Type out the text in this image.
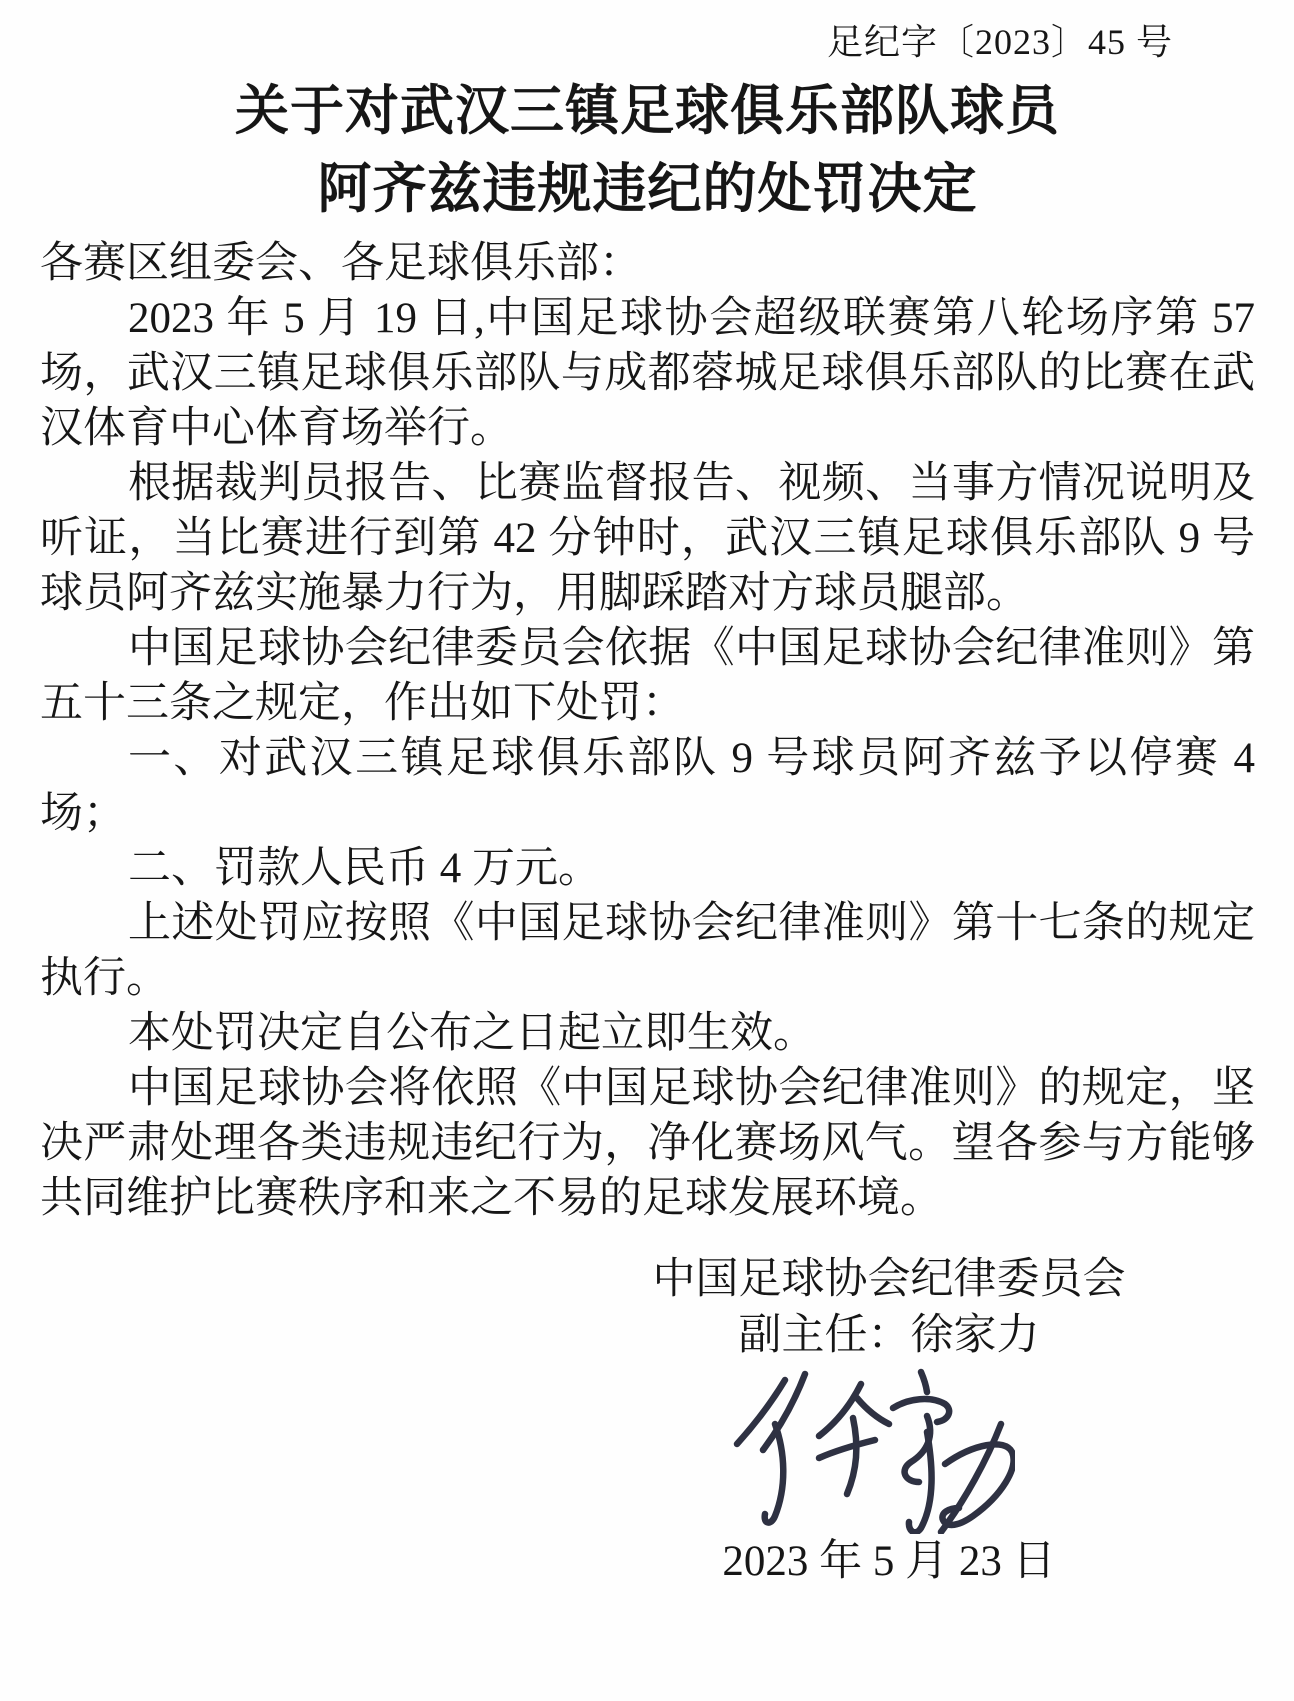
足纪字〔2023〕45 号
关于对武汉三镇足球俱乐部队球员
阿齐兹违规违纪的处罚决定
各赛区组委会、各足球俱乐部：

2023 年 5 月 19 日,中国足球协会超级联赛第八轮场序第 57 场，武汉三镇足球俱乐部队与成都蓉城足球俱乐部队的比赛在武汉体育中心体育场举行。

根据裁判员报告、比赛监督报告、视频、当事方情况说明及听证，当比赛进行到第 42 分钟时，武汉三镇足球俱乐部队 9 号球员阿齐兹实施暴力行为，用脚踩踏对方球员腿部。

中国足球协会纪律委员会依据《中国足球协会纪律准则》第五十三条之规定，作出如下处罚：

一、对武汉三镇足球俱乐部队 9 号球员阿齐兹予以停赛 4 场；

二、罚款人民币 4 万元。

上述处罚应按照《中国足球协会纪律准则》第十七条的规定执行。

本处罚决定自公布之日起立即生效。

中国足球协会将依照《中国足球协会纪律准则》的规定，坚决严肃处理各类违规违纪行为，净化赛场风气。望各参与方能够共同维护比赛秩序和来之不易的足球发展环境。

中国足球协会纪律委员会
副主任：徐家力
2023 年 5 月 23 日
